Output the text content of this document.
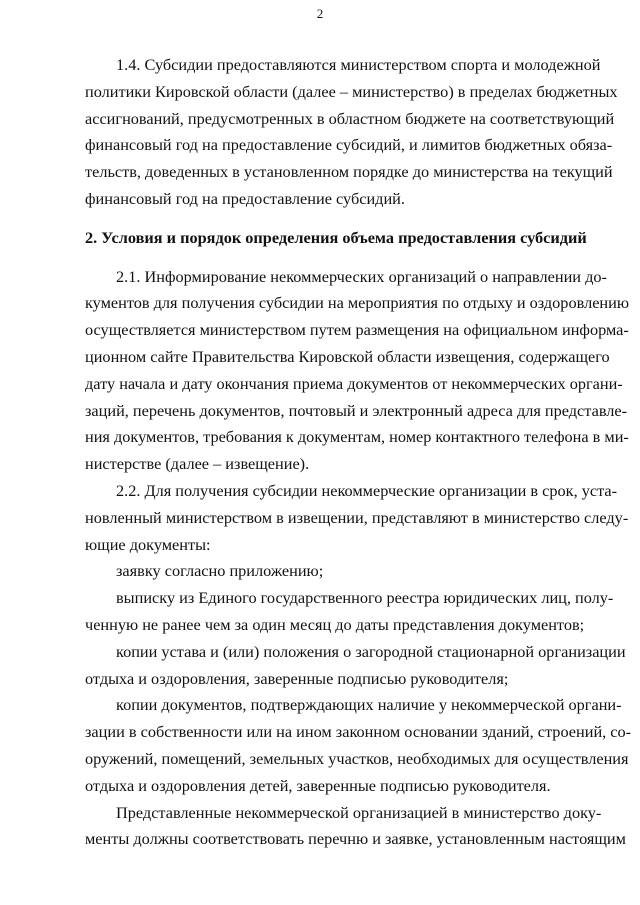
2
1.4. Субсидии предоставляются министерством спорта и молодежной
политики Кировской области (далее – министерство) в пределах бюджетных
ассигнований, предусмотренных в областном бюджете на соответствующий
финансовый год на предоставление субсидий, и лимитов бюджетных обяза-
тельств, доведенных в установленном порядке до министерства на текущий
финансовый год на предоставление субсидий.
2. Условия и порядок определения объема предоставления субсидий
2.1. Информирование некоммерческих организаций о направлении до-
кументов для получения субсидии на мероприятия по отдыху и оздоровлению
осуществляется министерством путем размещения на официальном информа-
ционном сайте Правительства Кировской области извещения, содержащего
дату начала и дату окончания приема документов от некоммерческих органи-
заций, перечень документов, почтовый и электронный адреса для представле-
ния документов, требования к документам, номер контактного телефона в ми-
нистерстве (далее – извещение).
2.2. Для получения субсидии некоммерческие организации в срок, уста-
новленный министерством в извещении, представляют в министерство следу-
ющие документы:
заявку согласно приложению;
выписку из Единого государственного реестра юридических лиц, полу-
ченную не ранее чем за один месяц до даты представления документов;
копии устава и (или) положения о загородной стационарной организации
отдыха и оздоровления, заверенные подписью руководителя;
копии документов, подтверждающих наличие у некоммерческой органи-
зации в собственности или на ином законном основании зданий, строений, со-
оружений, помещений, земельных участков, необходимых для осуществления
отдыха и оздоровления детей, заверенные подписью руководителя.
Представленные некоммерческой организацией в министерство доку-
менты должны соответствовать перечню и заявке, установленным настоящим
